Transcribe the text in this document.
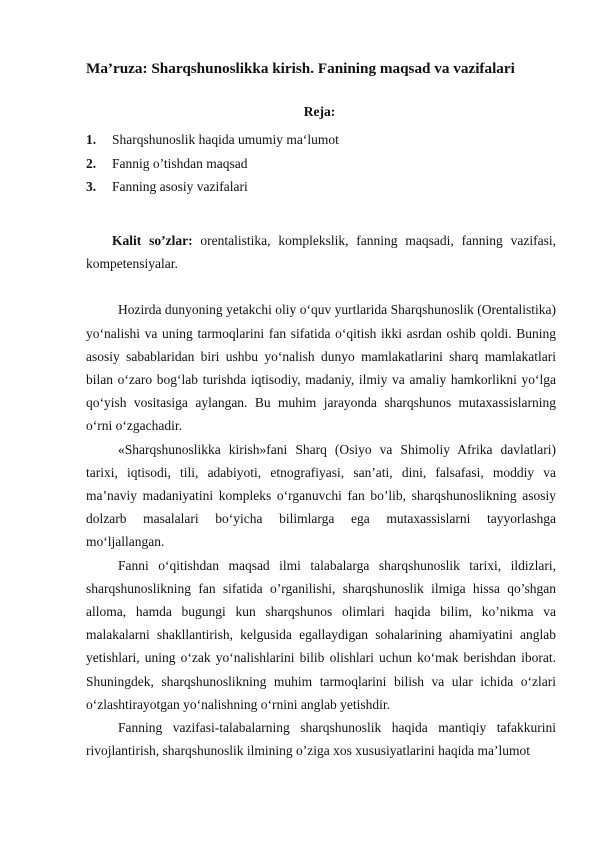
Ma’ruza: Sharqshunoslikka kirish. Fanining maqsad va vazifalari
Reja:
1. Sharqshunoslik haqida umumiy ma‘lumot
2. Fannig o’tishdan maqsad
3. Fanning asosiy vazifalari

Kalit so’zlar: orentalistika, komplekslik, fanning maqsadi, fanning vazifasi, kompetensiyalar.

Hozirda dunyoning yetakchi oliy o‘quv yurtlarida Sharqshunoslik (Orentalistika) yo‘nalishi va uning tarmoqlarini fan sifatida o‘qitish ikki asrdan oshib qoldi. Buning asosiy sabablaridan biri ushbu yo‘nalish dunyo mamlakatlarini sharq mamlakatlari bilan o‘zaro bog‘lab turishda iqtisodiy, madaniy, ilmiy va amaliy hamkorlikni yo‘lga qo‘yish vositasiga aylangan. Bu muhim jarayonda sharqshunos mutaxassislarning o‘rni o‘zgachadir.

«Sharqshunoslikka kirish»fani Sharq (Osiyo va Shimoliy Afrika davlatlari) tarixi, iqtisodi, tili, adabiyoti, etnografiyasi, san’ati, dini, falsafasi, moddiy va ma’naviy madaniyatini kompleks o‘rganuvchi fan bo’lib, sharqshunoslikning asosiy dolzarb masalalari bo‘yicha bilimlarga ega mutaxassislarni tayyorlashga mo‘ljallangan.

Fanni o‘qitishdan maqsad ilmi talabalarga sharqshunoslik tarixi, ildizlari, sharqshunoslikning fan sifatida o’rganilishi, sharqshunoslik ilmiga hissa qo’shgan alloma, hamda bugungi kun sharqshunos olimlari haqida bilim, ko’nikma va malakalarni shakllantirish, kelgusida egallaydigan sohalarining ahamiyatini anglab yetishlari, uning o‘zak yo‘nalishlarini bilib olishlari uchun ko‘mak berishdan iborat. Shuningdek, sharqshunoslikning muhim tarmoqlarini bilish va ular ichida o‘zlari o‘zlashtirayotgan yo‘nalishning o‘rnini anglab yetishdir.

Fanning vazifasi-talabalarning sharqshunoslik haqida mantiqiy tafakkurini rivojlantirish, sharqshunoslik ilmining o’ziga xos xususiyatlarini haqida ma’lumot
